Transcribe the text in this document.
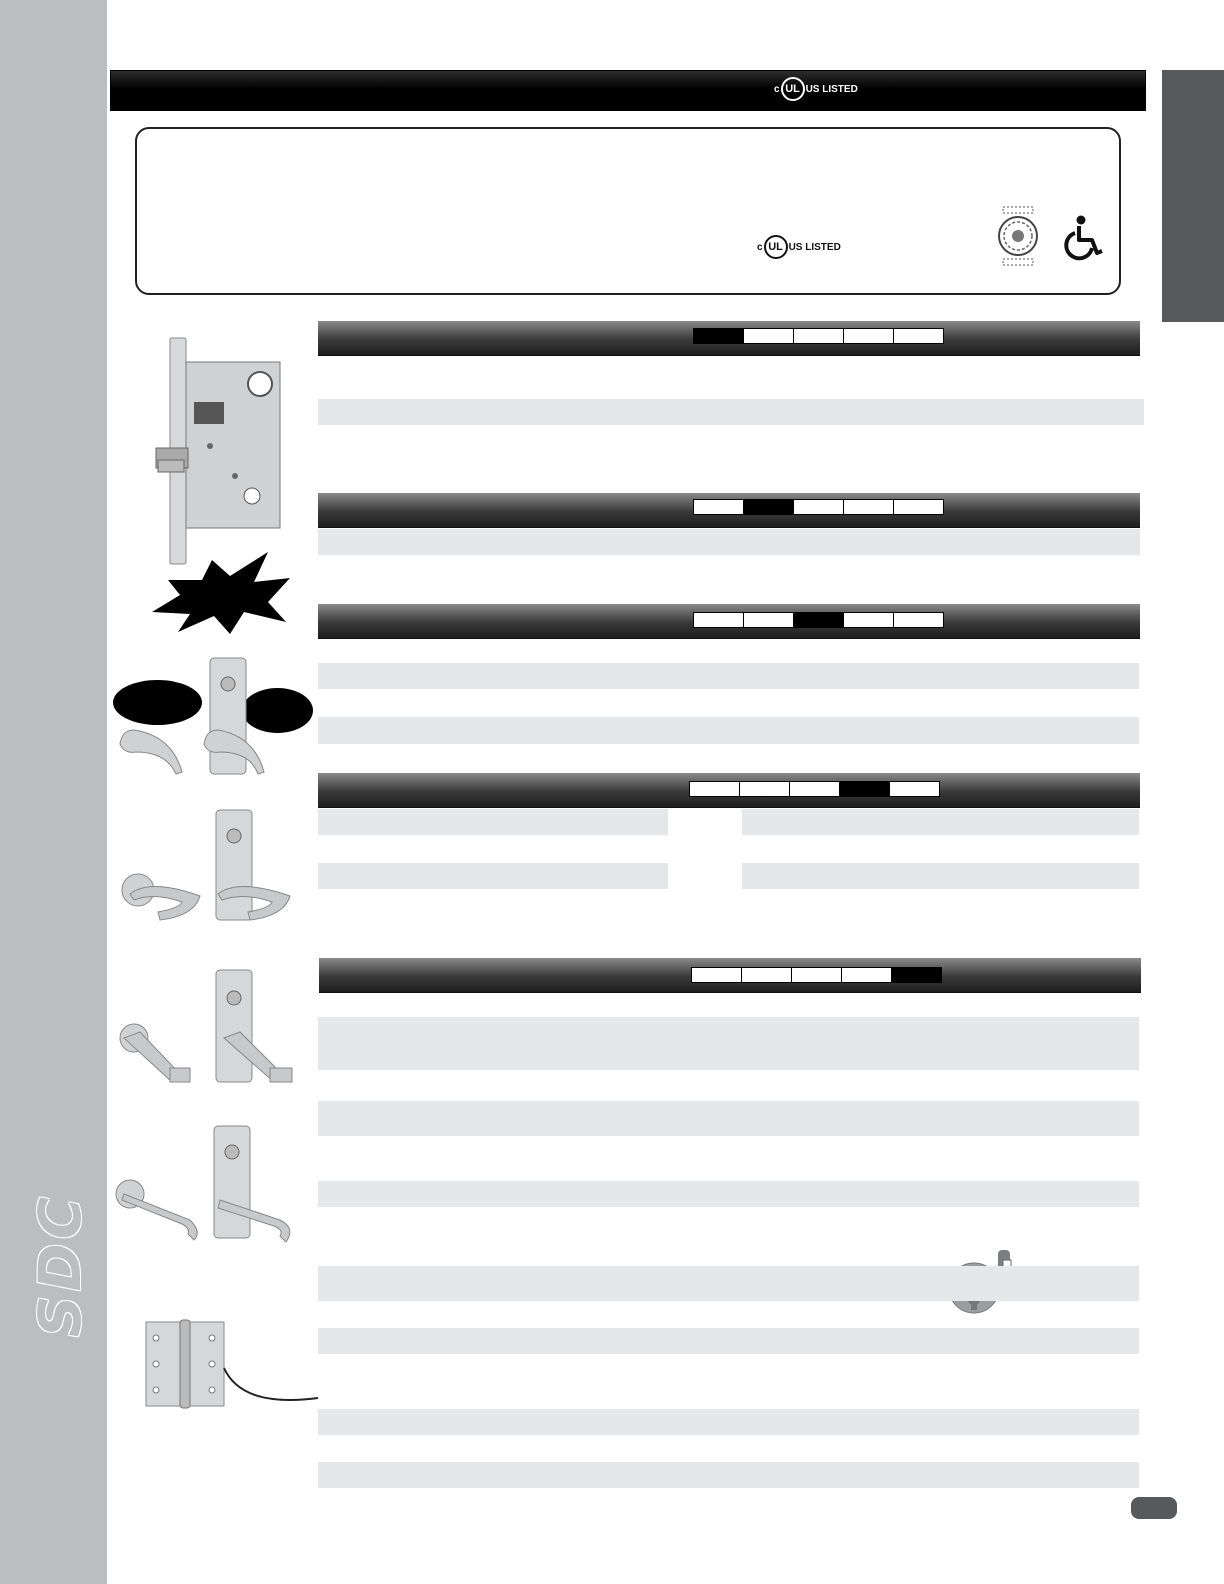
SDC
c UL US LISTED
c UL US LISTED
